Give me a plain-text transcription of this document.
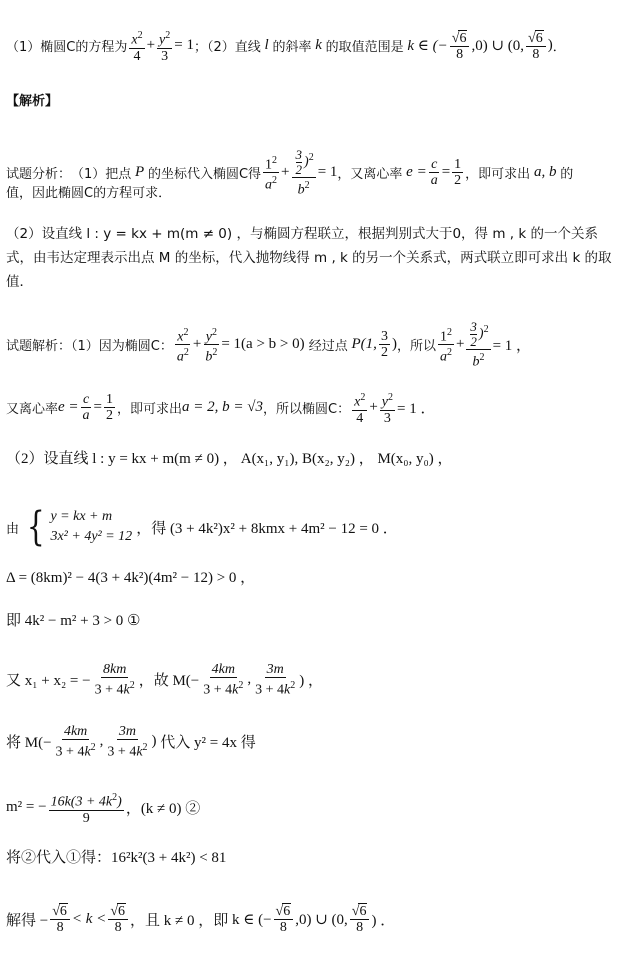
（1）椭圆C的方程为 $\frac{x^2}{4} + \frac{y^2}{3} = 1$ ；（2）直线 l 的斜率 k 的取值范围是 k ∈ (− $\frac{√6}{8} ,0$) ∪ (0, $\frac{√6}{8}$ ) ．
【解析】
试题分析： （1）把点 P 的坐标代入椭圆C得 $\frac{1^2}{a^2} + \frac{\frac{3}{2} )^2}{b^2} = 1$ ，又离心率 $e = \frac{c}{a} = \frac{1}{2}$ ，即可求出 a, b 的
值，因此椭圆C的方程可求．
（2）设直线 l : y = kx + m(m ≠ 0) ，与椭圆方程联立，根据判别式大于0，得 m , k 的一个关系式，由韦达定理表示出点 M 的坐标，代入抛物线得 m , k 的另一个关系式，两式联立即可求出 k 的取值．
试题解析：（1）因为椭圆C： $\frac{x^2}{a^2} + \frac{y^2}{b^2} = 1(a > b > 0)$
经过点 P(1, $\frac{3}{2}$ ) ，所以 $\frac{1^2}{a^2} + \frac{\frac{3}{2} )^2}{b^2} = 1$ ，
又离心率 $e = \frac{c}{a} = \frac{1}{2}$ ，即可求出 a = 2, b = √3 ，所以椭圆C： $\frac{x^2}{4} + \frac{y^2}{3} = 1$ ．
（2）设直线 l : y = kx + m(m ≠ 0) ， A(x₁, y₁), B(x₂, y₂) ， M(x₀, y₀) ，
由 { y = kx + m
3x² + 4y² = 12 ，得 (3 + 4k²)x² + 8kmx + 4m² − 12 = 0 ．
Δ = (8km)² − 4(3 + 4k²)(4m² − 12) > 0 ，
即 4k² − m² + 3 > 0 ①
又 x₁ + x₂ = − $\frac{8km}{3 + 4k^2}$ ，故 $M(- \frac{4km}{3 + 4k^2}$ , $\frac{3m}{3 + 4k^2}$ ) ，
将 $M(- \frac{4km}{3 + 4k^2}$ , $\frac{3m}{3 + 4k^2}$ ) 代入 y² = 4x 得
m² = − $\frac{16k(3 + 4k^2)}{9}$ ，(k ≠ 0) ②
将②代入①得：16²k²(3 + 4k²) < 81
解得 − $\frac{√6}{8} < k < \frac{√6}{8}$ ，且 k ≠ 0 ，即 k ∈ (− $\frac{√6}{8} ,0$) ∪ (0, $\frac{√6}{8}$ ) ．
